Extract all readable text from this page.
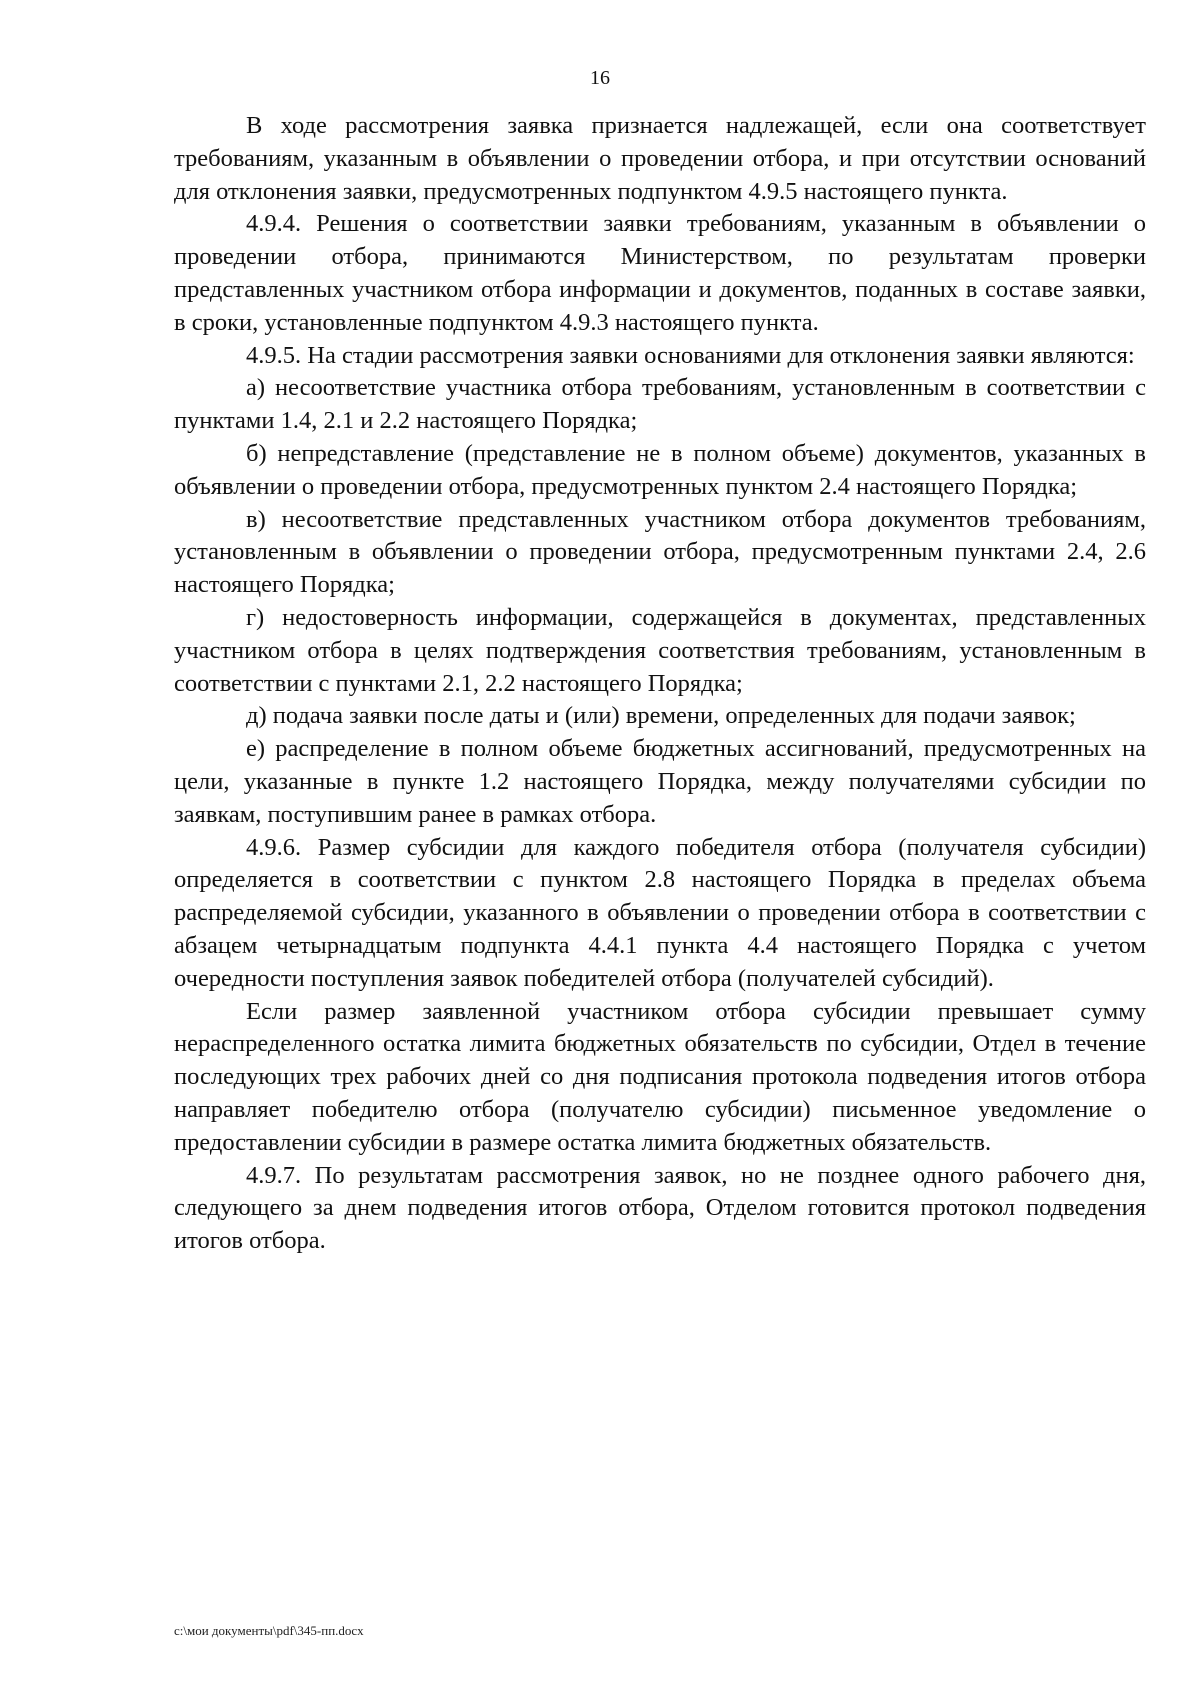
16

В ходе рассмотрения заявка признается надлежащей, если она соответствует требованиям, указанным в объявлении о проведении отбора, и при отсутствии оснований для отклонения заявки, предусмотренных подпунктом 4.9.5 настоящего пункта.

4.9.4. Решения о соответствии заявки требованиям, указанным в объявлении о проведении отбора, принимаются Министерством, по результатам проверки представленных участником отбора информации и документов, поданных в составе заявки, в сроки, установленные подпунктом 4.9.3 настоящего пункта.

4.9.5. На стадии рассмотрения заявки основаниями для отклонения заявки являются:

а) несоответствие участника отбора требованиям, установленным в соответствии с пунктами 1.4, 2.1 и 2.2 настоящего Порядка;

б) непредставление (представление не в полном объеме) документов, указанных в объявлении о проведении отбора, предусмотренных пунктом 2.4 настоящего Порядка;

в) несоответствие представленных участником отбора документов требованиям, установленным в объявлении о проведении отбора, предусмотренным пунктами 2.4, 2.6 настоящего Порядка;

г) недостоверность информации, содержащейся в документах, представленных участником отбора в целях подтверждения соответствия требованиям, установленным в соответствии с пунктами 2.1, 2.2 настоящего Порядка;

д) подача заявки после даты и (или) времени, определенных для подачи заявок;

е) распределение в полном объеме бюджетных ассигнований, предусмотренных на цели, указанные в пункте 1.2 настоящего Порядка, между получателями субсидии по заявкам, поступившим ранее в рамках отбора.

4.9.6. Размер субсидии для каждого победителя отбора (получателя субсидии) определяется в соответствии с пунктом 2.8 настоящего Порядка в пределах объема распределяемой субсидии, указанного в объявлении о проведении отбора в соответствии с абзацем четырнадцатым подпункта 4.4.1 пункта 4.4 настоящего Порядка с учетом очередности поступления заявок победителей отбора (получателей субсидий).

Если размер заявленной участником отбора субсидии превышает сумму нераспределенного остатка лимита бюджетных обязательств по субсидии, Отдел в течение последующих трех рабочих дней со дня подписания протокола подведения итогов отбора направляет победителю отбора (получателю субсидии) письменное уведомление о предоставлении субсидии в размере остатка лимита бюджетных обязательств.

4.9.7. По результатам рассмотрения заявок, но не позднее одного рабочего дня, следующего за днем подведения итогов отбора, Отделом готовится протокол подведения итогов отбора.

c:\мои документы\pdf\345-пп.docx
